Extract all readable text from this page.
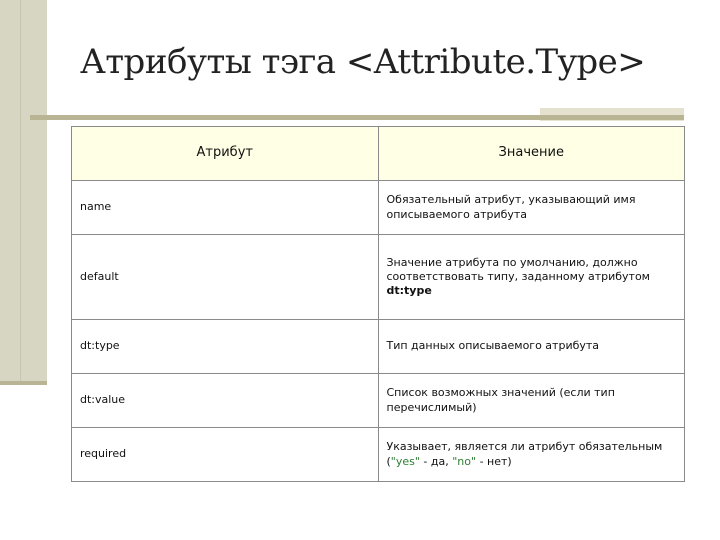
Атрибуты тэга <Attribute.Type>
Атрибут	Значение
name	Обязательный атрибут, указывающий имя описываемого атрибута
default	Значение атрибута по умолчанию, должно соответствовать типу, заданному атрибутом dt:type
dt:type	Тип данных описываемого атрибута
dt:value	Список возможных значений (если тип перечислимый)
required	Указывает, является ли атрибут обязательным ("yes" - да, "no" - нет)
